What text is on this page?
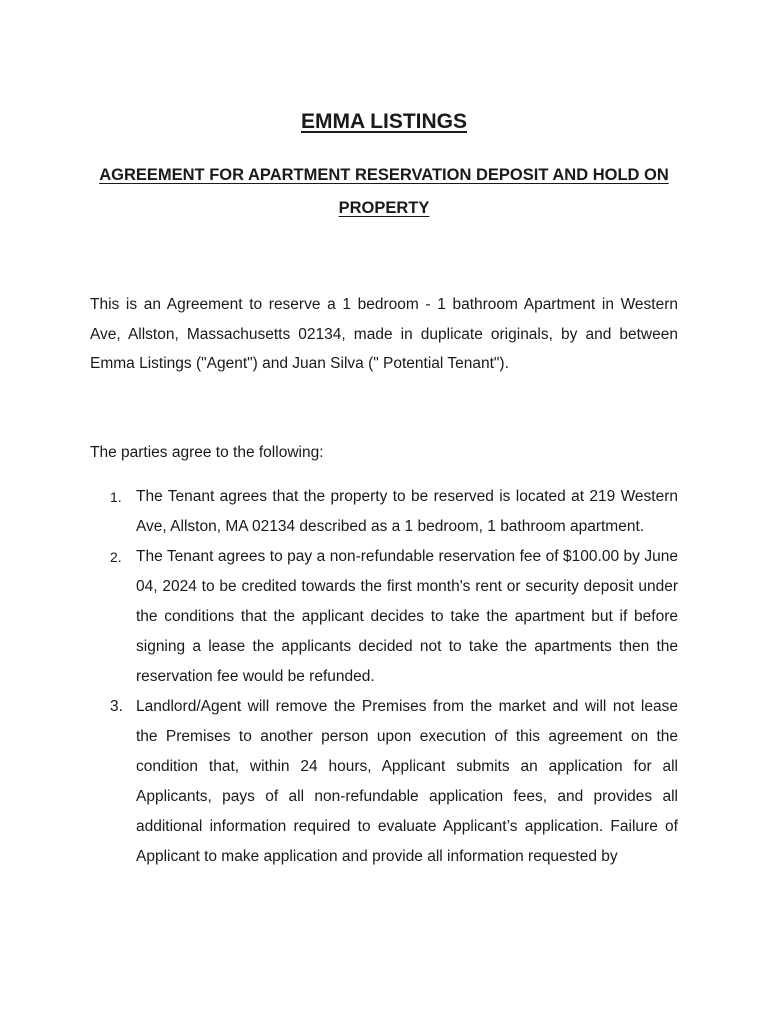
EMMA LISTINGS
AGREEMENT FOR APARTMENT RESERVATION DEPOSIT AND HOLD ON PROPERTY

This is an Agreement to reserve a 1 bedroom - 1 bathroom Apartment in Western Ave, Allston, Massachusetts 02134, made in duplicate originals, by and between Emma Listings ("Agent") and Juan Silva (" Potential Tenant").

The parties agree to the following:

1. The Tenant agrees that the property to be reserved is located at 219 Western Ave, Allston, MA 02134 described as a 1 bedroom, 1 bathroom apartment.
2. The Tenant agrees to pay a non-refundable reservation fee of $100.00 by June 04, 2024 to be credited towards the first month's rent or security deposit under the conditions that the applicant decides to take the apartment but if before signing a lease the applicants decided not to take the apartments then the reservation fee would be refunded.
3. Landlord/Agent will remove the Premises from the market and will not lease the Premises to another person upon execution of this agreement on the condition that, within 24 hours, Applicant submits an application for all Applicants, pays of all non-refundable application fees, and provides all additional information required to evaluate Applicant’s application. Failure of Applicant to make application and provide all information requested by
